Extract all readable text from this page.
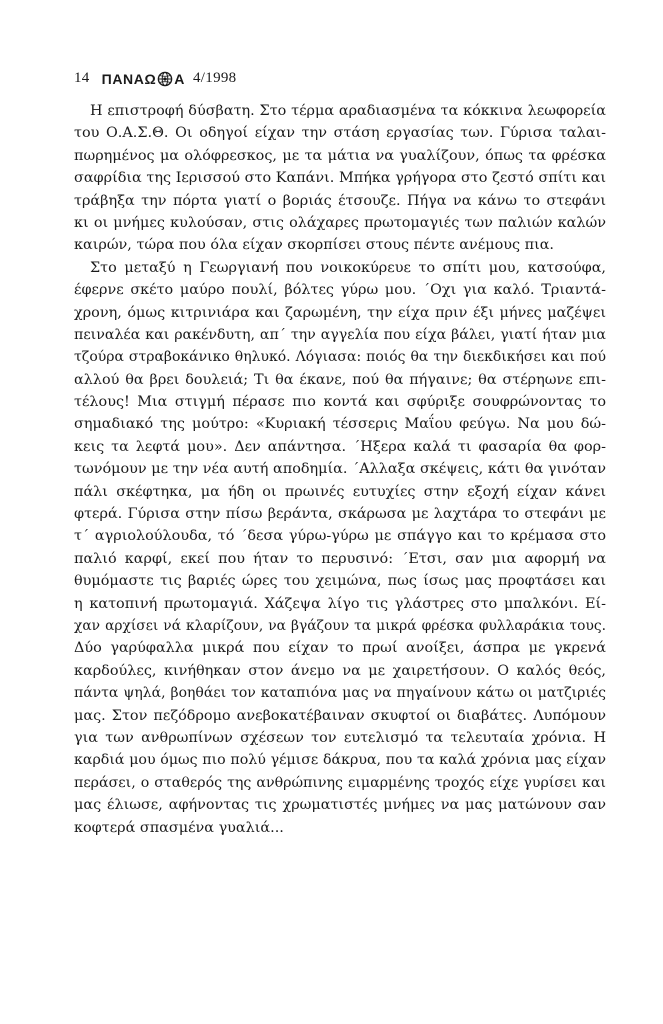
14 ΠΑΝΑΩ Α 4/1998
Η επιστροφή δύσβατη. Στο τέρμα αραδιασμένα τα κόκκινα λεωφορεία
του Ο.Α.Σ.Θ. Οι οδηγοί είχαν την στάση εργασίας των. Γύρισα ταλαι-
πωρημένος μα ολόφρεσκος, με τα μάτια να γυαλίζουν, όπως τα φρέσκα
σαφρίδια της Ιερισσού στο Καπάνι. Μπήκα γρήγορα στο ζεστό σπίτι και
τράβηξα την πόρτα γιατί ο βοριάς έτσουζε. Πήγα να κάνω το στεφάνι
κι οι μνήμες κυλούσαν, στις ολάχαρες πρωτομαγιές των παλιών καλών
καιρών, τώρα που όλα είχαν σκορπίσει στους πέντε ανέμους πια.
Στο μεταξύ η Γεωργιανή που νοικοκύρευε το σπίτι μου, κατσούφα,
έφερνε σκέτο μαύρο πουλί, βόλτες γύρω μου. ΄Οχι για καλό. Τριαντά-
χρονη, όμως κιτρινιάρα και ζαρωμένη, την είχα πριν έξι μήνες μαζέψει
πειναλέα και ρακένδυτη, απ΄ την αγγελία που είχα βάλει, γιατί ήταν μια
τζούρα στραβοκάνικο θηλυκό. Λόγιασα: ποιός θα την διεκδικήσει και πού
αλλού θα βρει δουλειά; Τι θα έκανε, πού θα πήγαινε; θα στέρηωνε επι-
τέλους! Μια στιγμή πέρασε πιο κοντά και σφύριξε σουφρώνοντας το
σημαδιακό της μούτρο: «Κυριακή τέσσερις Μαΐου φεύγω. Να μου δώ-
κεις τα λεφτά μου». Δεν απάντησα. ΄Ηξερα καλά τι φασαρία θα φορ-
τωνόμουν με την νέα αυτή αποδημία. ΄Αλλαξα σκέψεις, κάτι θα γινόταν
πάλι σκέφτηκα, μα ήδη οι πρωινές ευτυχίες στην εξοχή είχαν κάνει
φτερά. Γύρισα στην πίσω βεράντα, σκάρωσα με λαχτάρα το στεφάνι με
τ΄ αγριολούλουδα, τό ΄δεσα γύρω-γύρω με σπάγγο και το κρέμασα στο
παλιό καρφί, εκεί που ήταν το περυσινό: ΄Ετσι, σαν μια αφορμή να
θυμόμαστε τις βαριές ώρες του χειμώνα, πως ίσως μας προφτάσει και
η κατοπινή πρωτομαγιά. Χάζεψα λίγο τις γλάστρες στο μπαλκόνι. Εί-
χαν αρχίσει νά κλαρίζουν, να βγάζουν τα μικρά φρέσκα φυλλαράκια τους.
Δύο γαρύφαλλα μικρά που είχαν το πρωί ανοίξει, άσπρα με γκρενά
καρδούλες, κινήθηκαν στον άνεμο να με χαιρετήσουν. Ο καλός θεός,
πάντα ψηλά, βοηθάει τον καταπιόνα μας να πηγαίνουν κάτω οι ματζιριές
μας. Στον πεζόδρομο ανεβοκατέβαιναν σκυφτοί οι διαβάτες. Λυπόμουν
για των ανθρωπίνων σχέσεων τον ευτελισμό τα τελευταία χρόνια. Η
καρδιά μου όμως πιο πολύ γέμισε δάκρυα, που τα καλά χρόνια μας είχαν
περάσει, ο σταθερός της ανθρώπινης ειμαρμένης τροχός είχε γυρίσει και
μας έλιωσε, αφήνοντας τις χρωματιστές μνήμες να μας ματώνουν σαν
κοφτερά σπασμένα γυαλιά...
